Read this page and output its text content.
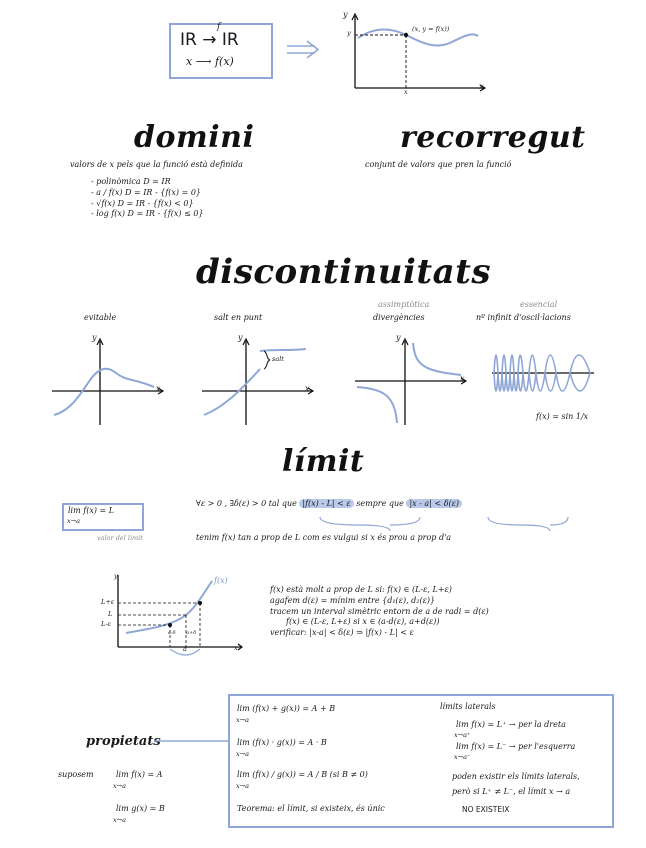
IR → IR
f
x ⟶ f(x)
(x, y = f(x))
y
x
y
x
domini
valors de x pels que la funció està definida
- polinòmica D = IR
- a / f(x) D = IR - {f(x) = 0}
- √f(x) D = IR - {f(x) < 0}
- log f(x) D = IR - {f(x) ≤ 0}
recorregut
conjunt de valors que pren la funció
discontinuitats
evitable	salt en punt
assimptòtica
divergències
essencial
nº infinit d'oscil·lacions
y
x
y
x
salt
y
x
f(x) = sin 1/x
límit
lim f(x) = L
x→a
valor del límit
∀ε > 0 , ∃δ(ε) > 0 tal que |f(x) - L| < ε sempre que |x - a| < δ(ε)
tenim f(x) tan a prop de L com es vulgui si x és prou a prop d'a
f(x)
y
L+ε
L
L-ε
a	x
a-δ a+δ
f(x) està molt a prop de L si: f(x) ∈ (L-ε, L+ε)
agafem d(ε) = mínim entre {d₁(ε), d₂(ε)}
tracem un interval simètric entorn de a de radi = d(ε)
f(x) ∈ (L-ε, L+ε) si x ∈ (a-d(ε), a+d(ε))
verificar: |x-a| < δ(ε) ⇒ |f(x) - L| < ε
propietats
suposem	lim f(x) = A
x→a
lim g(x) = B
x→a
lim (f(x) + g(x)) = A + B
x→a
lim (f(x) · g(x)) = A · B
x→a
lim (f(x) / g(x)) = A / B (si B ≠ 0)
x→a
Teorema: el límit, si existeix, és únic
límits laterals
lim f(x) = L⁺ → per la dreta
x→a⁺
lim f(x) = L⁻ → per l'esquerra
x→a⁻
poden existir els límits laterals,
però si L⁺ ≠ L⁻, el límit x → a
NO EXISTEIX
